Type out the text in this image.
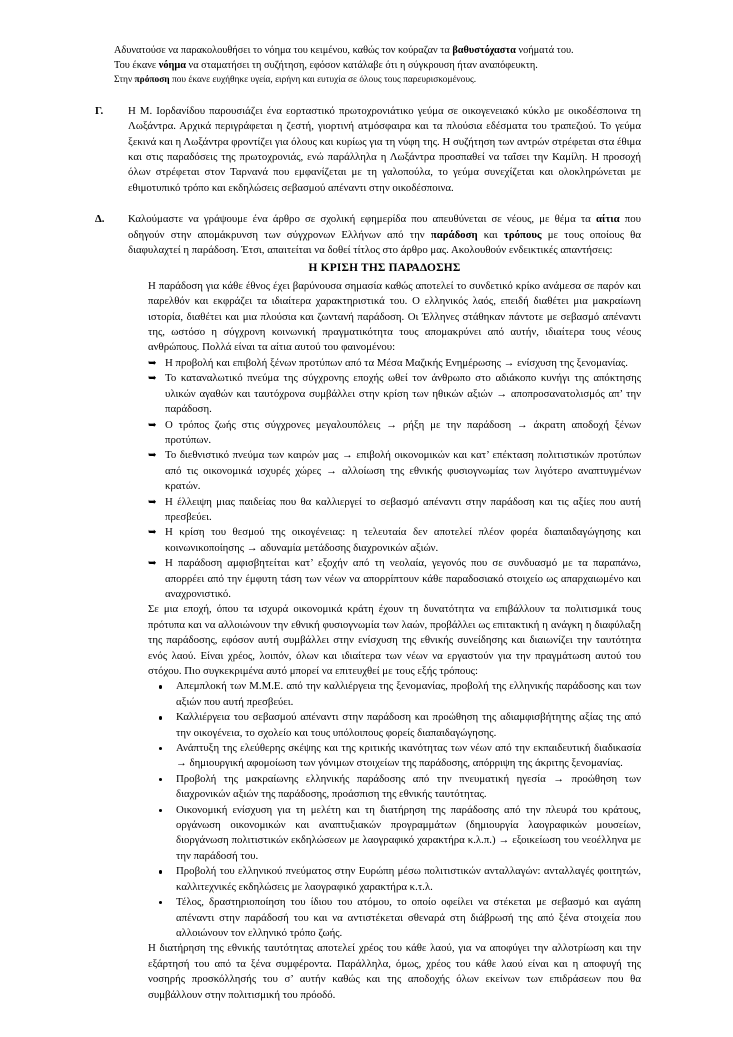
Αδυνατούσε να παρακολουθήσει το νόημα του κειμένου, καθώς τον κούραζαν τα βαθυστόχαστα νοήματά του.

Του έκανε νόημα να σταματήσει τη συζήτηση, εφόσον κατάλαβε ότι η σύγκρουση ήταν αναπόφευκτη.

Στην πρόποση που έκανε ευχήθηκε υγεία, ειρήνη και ευτυχία σε όλους τους παρευρισκομένους.

Γ.	Η Μ. Ιορδανίδου παρουσιάζει ένα εορταστικό πρωτοχρονιάτικο γεύμα σε οικογενειακό κύκλο με οικοδέσποινα τη Λωξάντρα. Αρχικά περιγράφεται η ζεστή, γιορτινή ατμόσφαιρα και τα πλούσια εδέσματα του τραπεζιού. Το γεύμα ξεκινά και η Λωξάντρα φροντίζει για όλους και κυρίως για τη νύφη της. Η συζήτηση των αντρών στρέφεται στα έθιμα και στις παραδόσεις της πρωτοχρονιάς, ενώ παράλληλα η Λωξάντρα προσπαθεί να ταΐσει την Καμίλη. Η προσοχή όλων στρέφεται στον Ταρνανά που εμφανίζεται με τη γαλοπούλα, το γεύμα συνεχίζεται και ολοκληρώνεται με εθιμοτυπικό τρόπο και εκδηλώσεις σεβασμού απέναντι στην οικοδέσποινα.

Δ.	Καλούμαστε να γράψουμε ένα άρθρο σε σχολική εφημερίδα που απευθύνεται σε νέους, με θέμα τα αίτια που οδηγούν στην απομάκρυνση των σύγχρονων Ελλήνων από την παράδοση και τρόπους με τους οποίους θα διαφυλαχτεί η παράδοση. Έτσι, απαιτείται να δοθεί τίτλος στο άρθρο μας. Ακολουθούν ενδεικτικές απαντήσεις:

Η ΚΡΙΣΗ ΤΗΣ ΠΑΡΑΔΟΣΗΣ

Η παράδοση για κάθε έθνος έχει βαρύνουσα σημασία καθώς αποτελεί το συνδετικό κρίκο ανάμεσα σε παρόν και παρελθόν και εκφράζει τα ιδιαίτερα χαρακτηριστικά του. Ο ελληνικός λαός, επειδή διαθέτει μια μακραίωνη ιστορία, διαθέτει και μια πλούσια και ζωντανή παράδοση. Οι Έλληνες στάθηκαν πάντοτε με σεβασμό απέναντι της, ωστόσο η σύγχρονη κοινωνική πραγματικότητα τους απομακρύνει από αυτήν, ιδιαίτερα τους νέους ανθρώπους. Πολλά είναι τα αίτια αυτού του φαινομένου:

➥ Η προβολή και επιβολή ξένων προτύπων από τα Μέσα Μαζικής Ενημέρωσης → ενίσχυση της ξενομανίας.
➥ Το καταναλωτικό πνεύμα της σύγχρονης εποχής ωθεί τον άνθρωπο στο αδιάκοπο κυνήγι της απόκτησης υλικών αγαθών και ταυτόχρονα συμβάλλει στην κρίση των ηθικών αξιών → αποπροσανατολισμός απ’ την παράδοση.
➥ Ο τρόπος ζωής στις σύγχρονες μεγαλουπόλεις → ρήξη με την παράδοση → άκρατη αποδοχή ξένων προτύπων.
➥ Το διεθνιστικό πνεύμα των καιρών μας → επιβολή οικονομικών και κατ’ επέκταση πολιτιστικών προτύπων από τις οικονομικά ισχυρές χώρες → αλλοίωση της εθνικής φυσιογνωμίας των λιγότερο αναπτυγμένων κρατών.
➥ Η έλλειψη μιας παιδείας που θα καλλιεργεί το σεβασμό απέναντι στην παράδοση και τις αξίες που αυτή πρεσβεύει.
➥ Η κρίση του θεσμού της οικογένειας: η τελευταία δεν αποτελεί πλέον φορέα διαπαιδαγώγησης και κοινωνικοποίησης → αδυναμία μετάδοσης διαχρονικών αξιών.
➥ Η παράδοση αμφισβητείται κατ’ εξοχήν από τη νεολαία, γεγονός που σε συνδυασμό με τα παραπάνω, απορρέει από την έμφυτη τάση των νέων να απορρίπτουν κάθε παραδοσιακό στοιχείο ως απαρχαιωμένο και αναχρονιστικό.

Σε μια εποχή, όπου τα ισχυρά οικονομικά κράτη έχουν τη δυνατότητα να επιβάλλουν τα πολιτισμικά τους πρότυπα και να αλλοιώνουν την εθνική φυσιογνωμία των λαών, προβάλλει ως επιτακτική η ανάγκη η διαφύλαξη της παράδοσης, εφόσον αυτή συμβάλλει στην ενίσχυση της εθνικής συνείδησης και διαιωνίζει την ταυτότητα ενός λαού. Είναι χρέος, λοιπόν, όλων και ιδιαίτερα των νέων να εργαστούν για την πραγμάτωση αυτού του στόχου. Πιο συγκεκριμένα αυτό μπορεί να επιτευχθεί με τους εξής τρόπους:

Απεμπλοκή των Μ.Μ.Ε. από την καλλιέργεια της ξενομανίας, προβολή της ελληνικής παράδοσης και των αξιών που αυτή πρεσβεύει.
Καλλιέργεια του σεβασμού απέναντι στην παράδοση και προώθηση της αδιαμφισβήτητης αξίας της από την οικογένεια, το σχολείο και τους υπόλοιπους φορείς διαπαιδαγώγησης.
Ανάπτυξη της ελεύθερης σκέψης και της κριτικής ικανότητας των νέων από την εκπαιδευτική διαδικασία → δημιουργική αφομοίωση των γόνιμων στοιχείων της παράδοσης, απόρριψη της άκριτης ξενομανίας.
Προβολή της μακραίωνης ελληνικής παράδοσης από την πνευματική ηγεσία → προώθηση των διαχρονικών αξιών της παράδοσης, προάσπιση της εθνικής ταυτότητας.
Οικονομική ενίσχυση για τη μελέτη και τη διατήρηση της παράδοσης από την πλευρά του κράτους, οργάνωση οικονομικών και αναπτυξιακών προγραμμάτων (δημιουργία λαογραφικών μουσείων, διοργάνωση πολιτιστικών εκδηλώσεων με λαογραφικό χαρακτήρα κ.λ.π.) → εξοικείωση του νεοέλληνα με την παράδοσή του.
Προβολή του ελληνικού πνεύματος στην Ευρώπη μέσω πολιτιστικών ανταλλαγών: ανταλλαγές φοιτητών, καλλιτεχνικές εκδηλώσεις με λαογραφικό χαρακτήρα κ.τ.λ.
Τέλος, δραστηριοποίηση του ίδιου του ατόμου, το οποίο οφείλει να στέκεται με σεβασμό και αγάπη απέναντι στην παράδοσή του και να αντιστέκεται σθεναρά στη διάβρωσή της από ξένα στοιχεία που αλλοιώνουν τον ελληνικό τρόπο ζωής.

Η διατήρηση της εθνικής ταυτότητας αποτελεί χρέος του κάθε λαού, για να αποφύγει την αλλοτρίωση και την εξάρτησή του από τα ξένα συμφέροντα. Παράλληλα, όμως, χρέος του κάθε λαού είναι και η αποφυγή της νοσηρής προσκόλλησής του σ’ αυτήν καθώς και της αποδοχής όλων εκείνων των επιδράσεων που θα συμβάλλουν στην πολιτισμική του πρόοδό.
